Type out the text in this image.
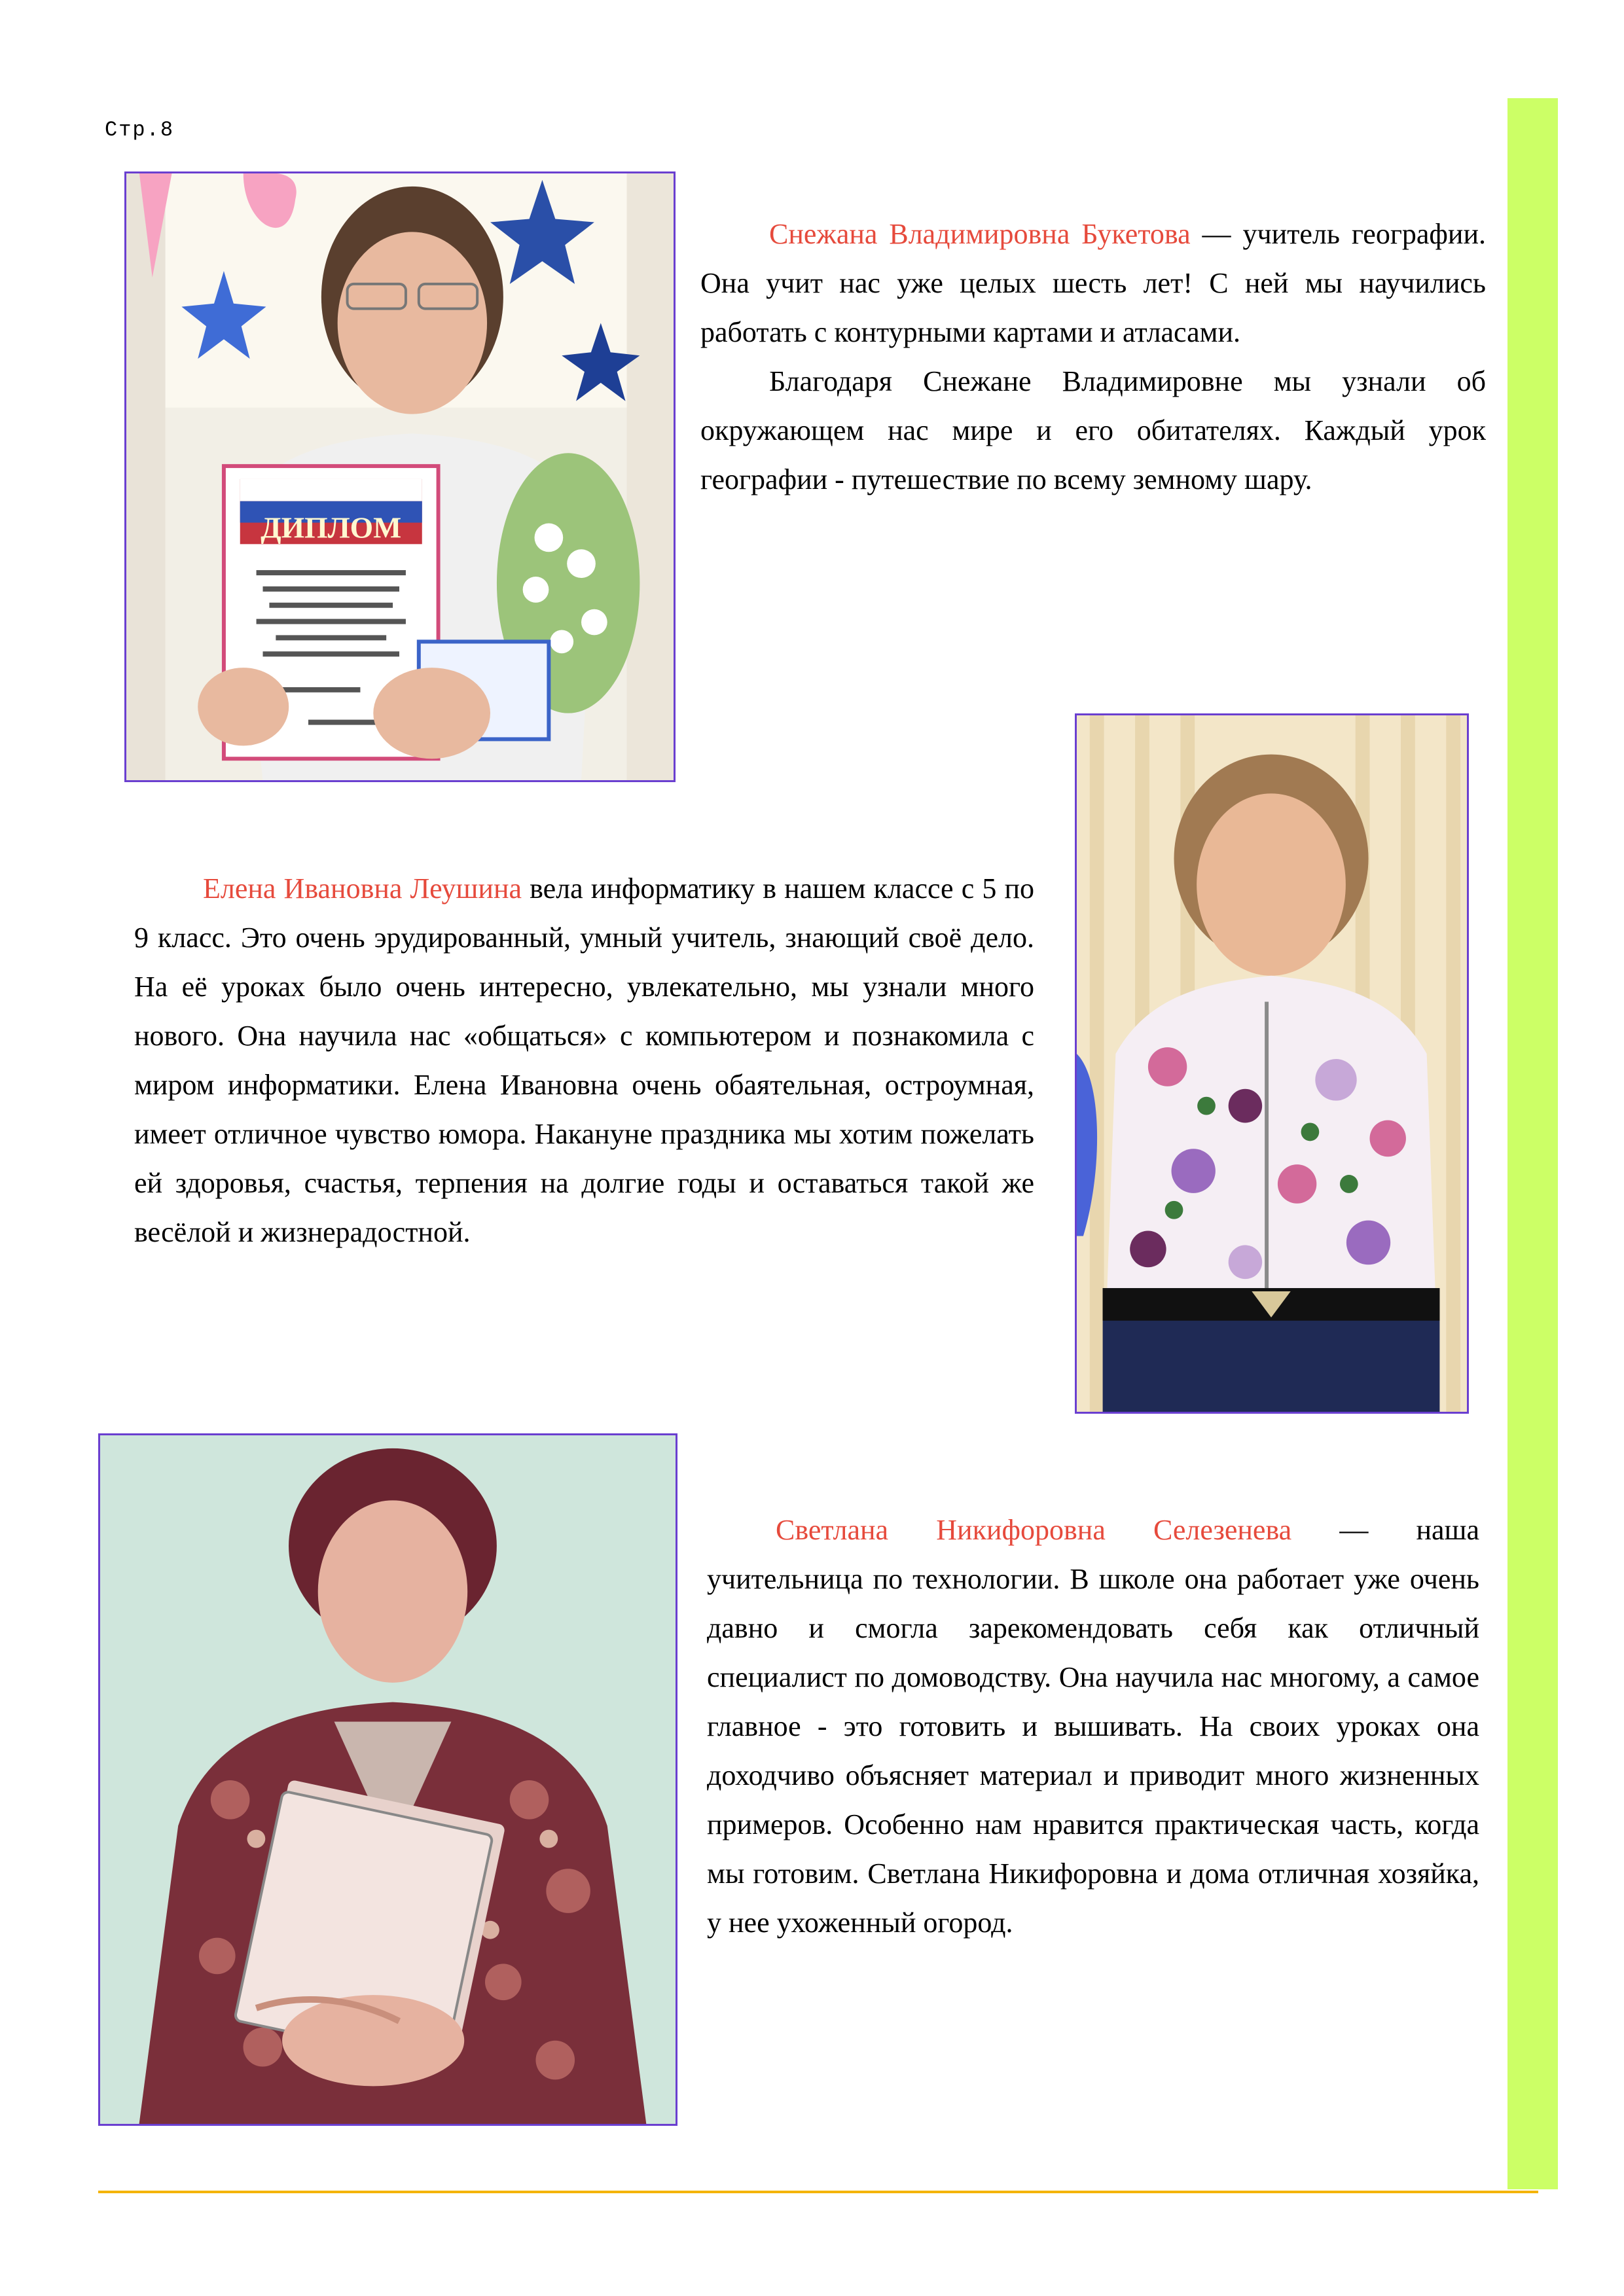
Стр.8
ДИПЛОМ

Снежана Владимировна Букетова — учитель географии. Она учит нас уже целых шесть лет! С ней мы научились работать с контурными картами и атласами.

Благодаря Снежане Владимировне мы узнали об окружающем нас мире и его обитателях. Каждый урок географии - путешествие по всему земному шару.

Елена Ивановна Леушина вела информатику в нашем классе с 5 по 9 класс. Это очень эрудированный, умный учитель, знающий своё дело. На её уроках было очень интересно, увлекательно, мы узнали много нового. Она научила нас «общаться» с компьютером и познакомила с миром информатики. Елена Ивановна очень обаятельная, остроумная, имеет отличное чувство юмора. Накануне праздника мы хотим пожелать ей здоровья, счастья, терпения на долгие годы и оставаться такой же весёлой и жизнерадостной.

Светлана Никифоровна Селезенева — наша учительница по технологии. В школе она работает уже очень давно и смогла зарекомендовать себя как отличный специалист по домоводству. Она научила нас многому, а самое главное - это готовить и вышивать. На своих уроках она доходчиво объясняет материал и приводит много жизненных примеров. Особенно нам нравится практическая часть, когда мы готовим. Светлана Никифоровна и дома отличная хозяйка, у нее ухоженный огород.
